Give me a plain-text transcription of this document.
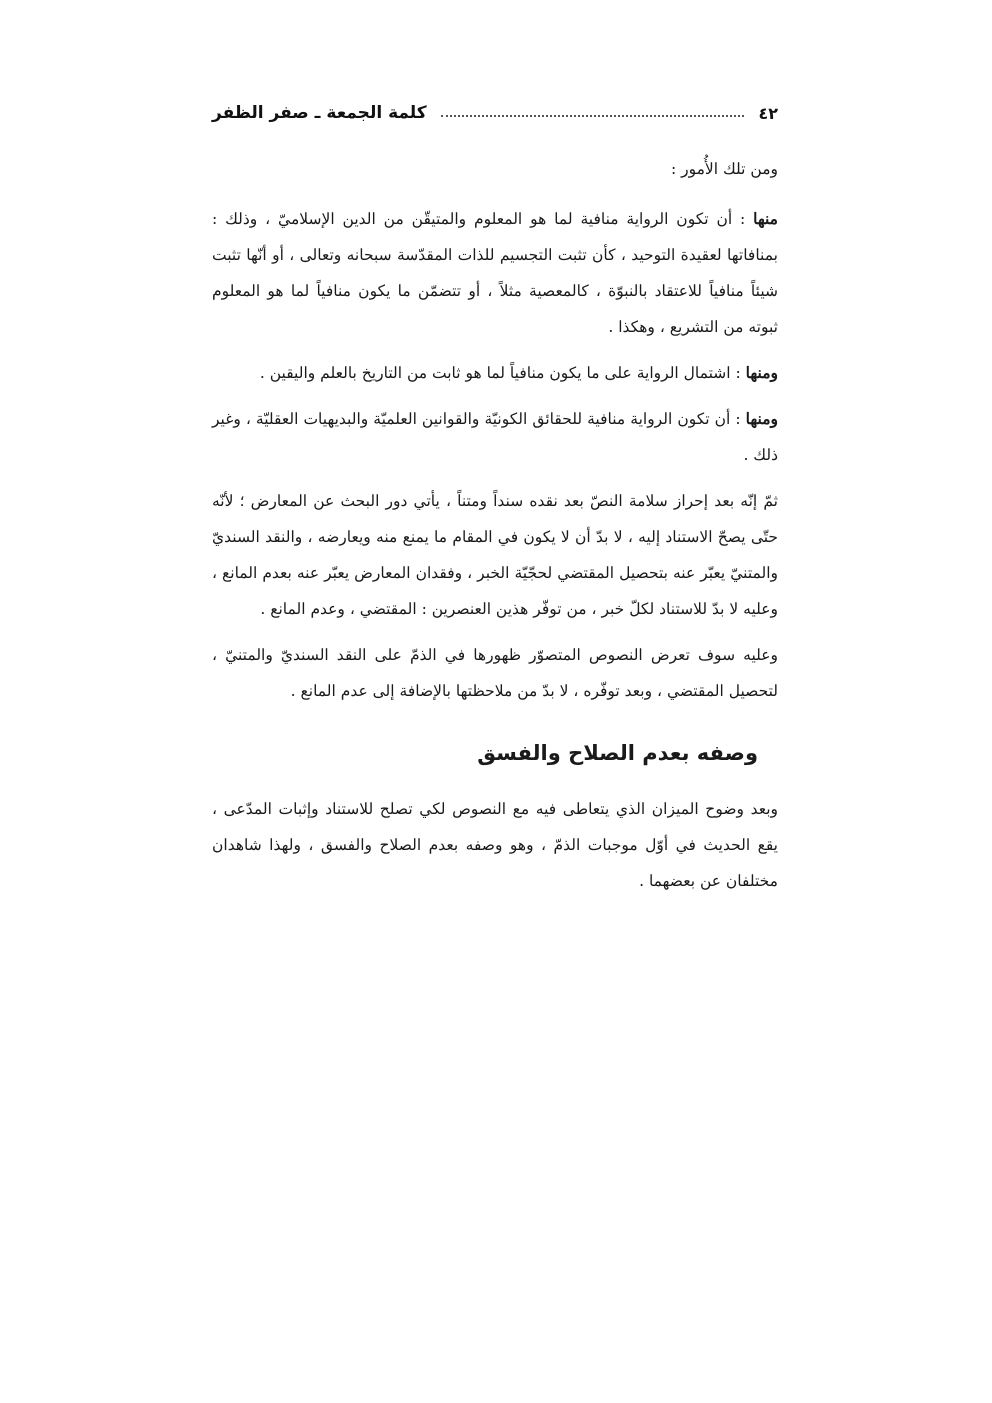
٤٢
كلمة الجمعة ـ صفر الظفر

ومن تلك الأُمور :

منها : أن تكون الرواية منافية لما هو المعلوم والمتيقّن من الدين الإسلاميّ ، وذلك : بمنافاتها لعقيدة التوحيد ، كأن تثبت التجسيم للذات المقدّسة سبحانه وتعالى ، أو أنّها تثبت شيئاً منافياً للاعتقاد بالنبوّة ، كالمعصية مثلاً ، أو تتضمّن ما يكون منافياً لما هو المعلوم ثبوته من التشريع ، وهكذا .

ومنها : اشتمال الرواية على ما يكون منافياً لما هو ثابت من التاريخ بالعلم واليقين .

ومنها : أن تكون الرواية منافية للحقائق الكونيّة والقوانين العلميّة والبديهيات العقليّة ، وغير ذلك .

ثمّ إنّه بعد إحراز سلامة النصّ بعد نقده سنداً ومتناً ، يأتي دور البحث عن المعارض ؛ لأنّه حتّى يصحّ الاستناد إليه ، لا بدّ أن لا يكون في المقام ما يمنع منه ويعارضه ، والنقد السنديّ والمتنيّ يعبّر عنه بتحصيل المقتضي لحجّيّة الخبر ، وفقدان المعارض يعبّر عنه بعدم المانع ، وعليه لا بدّ للاستناد لكلّ خبر ، من توفّر هذين العنصرين : المقتضي ، وعدم المانع .

وعليه سوف تعرض النصوص المتصوّر ظهورها في الذمّ على النقد السنديّ والمتنيّ ، لتحصيل المقتضي ، وبعد توفّره ، لا بدّ من ملاحظتها بالإضافة إلى عدم المانع .

وصفه بعدم الصلاح والفسق

وبعد وضوح الميزان الذي يتعاطى فيه مع النصوص لكي تصلح للاستناد وإثبات المدّعى ، يقع الحديث في أوّل موجبات الذمّ ، وهو وصفه بعدم الصلاح والفسق ، ولهذا شاهدان مختلفان عن بعضهما .
